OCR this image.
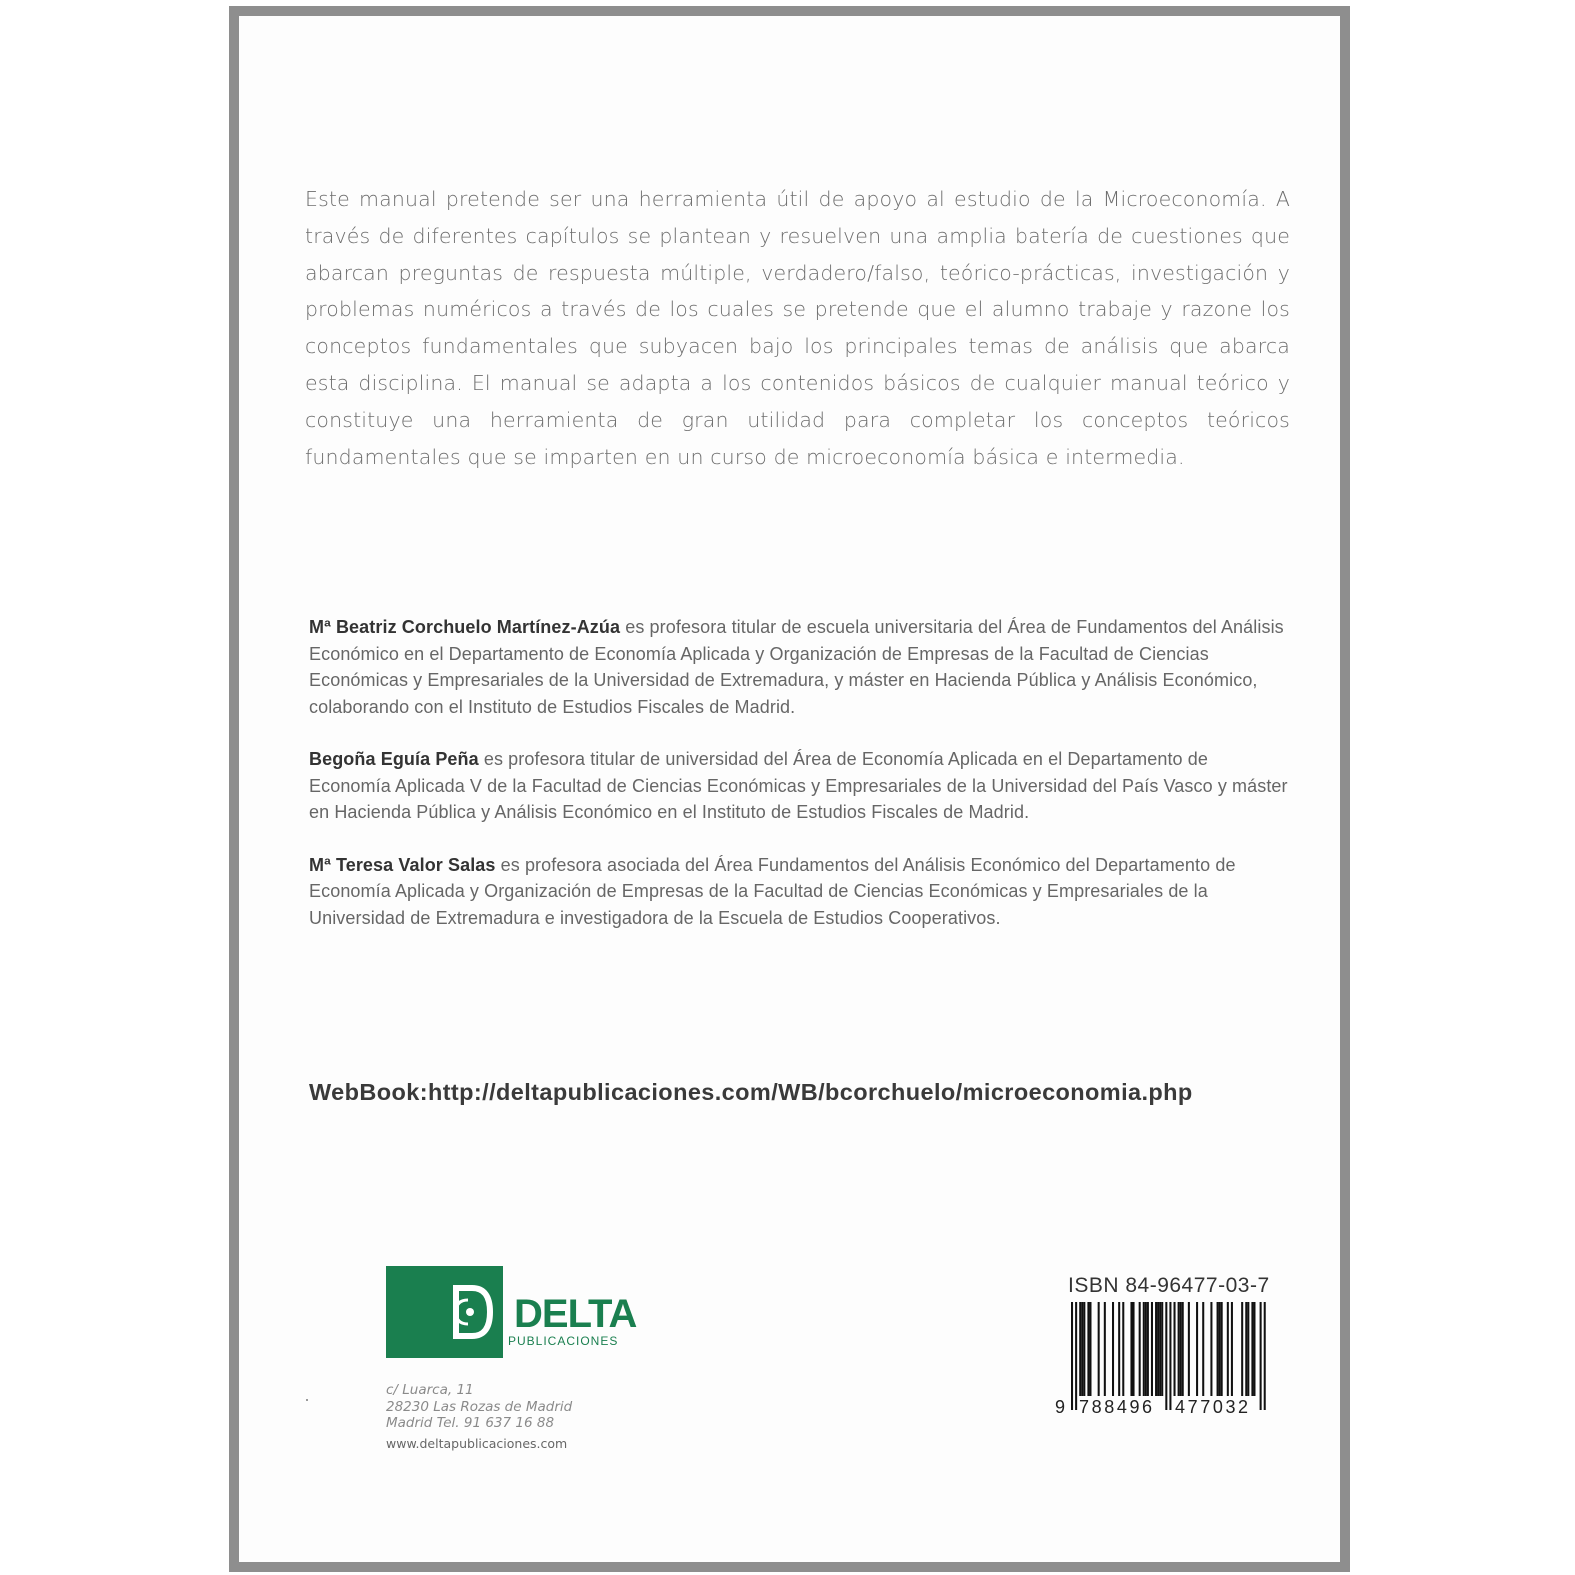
Este manual pretende ser una herramienta útil de apoyo al estudio de la Microeconomía. A través de diferentes capítulos se plantean y resuelven una amplia batería de cuestiones que abarcan preguntas de respuesta múltiple, verdadero/falso, teórico-prácticas, investigación y problemas numéricos a través de los cuales se pretende que el alumno trabaje y razone los conceptos fundamentales que subyacen bajo los principales temas de análisis que abarca esta disciplina. El manual se adapta a los contenidos básicos de cualquier manual teórico y constituye una herramienta de gran utilidad para completar los conceptos teóricos fundamentales que se imparten en un curso de microeconomía básica e intermedia.

Mª Beatriz Corchuelo Martínez-Azúa es profesora titular de escuela universitaria del Área de Fundamentos del Análisis Económico en el Departamento de Economía Aplicada y Organización de Empresas de la Facultad de Ciencias Económicas y Empresariales de la Universidad de Extremadura, y máster en Hacienda Pública y Análisis Económico, colaborando con el Instituto de Estudios Fiscales de Madrid.

Begoña Eguía Peña es profesora titular de universidad del Área de Economía Aplicada en el Departamento de Economía Aplicada V de la Facultad de Ciencias Económicas y Empresariales de la Universidad del País Vasco y máster en Hacienda Pública y Análisis Económico en el Instituto de Estudios Fiscales de Madrid.

Mª Teresa Valor Salas es profesora asociada del Área Fundamentos del Análisis Económico del Departamento de Economía Aplicada y Organización de Empresas de la Facultad de Ciencias Económicas y Empresariales de la Universidad de Extremadura e investigadora de la Escuela de Estudios Cooperativos.

WebBook:http://deltapublicaciones.com/WB/bcorchuelo/microeconomia.php
DELTA
PUBLICACIONES
c/ Luarca, 11
28230 Las Rozas de Madrid
Madrid Tel. 91 637 16 88
www.deltapublicaciones.com
ISBN 84-96477-03-7
9 788496 477032
